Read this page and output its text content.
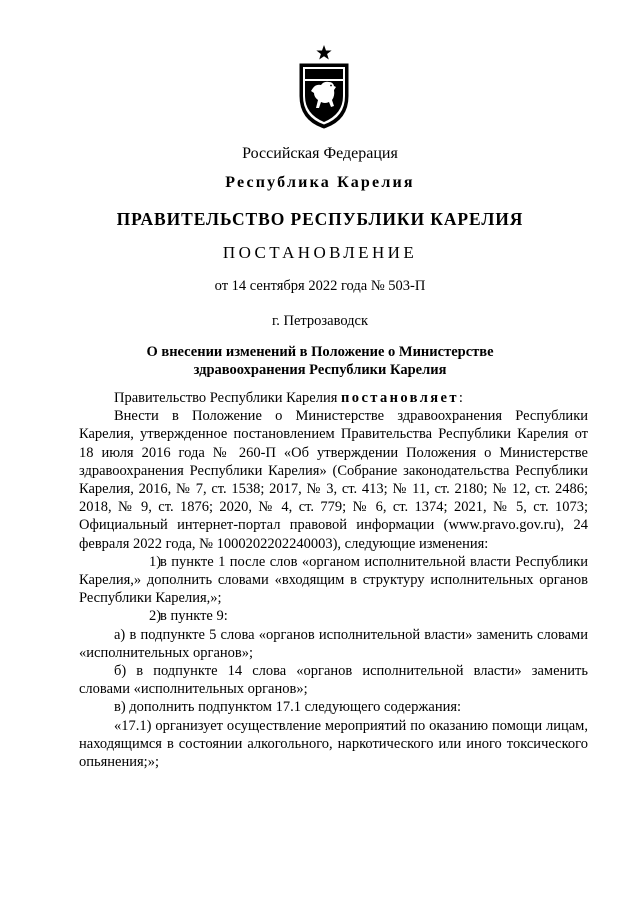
Российская Федерация
Республика Карелия
ПРАВИТЕЛЬСТВО РЕСПУБЛИКИ КАРЕЛИЯ
ПОСТАНОВЛЕНИЕ
от 14 сентября 2022 года № 503-П
г. Петрозаводск
О внесении изменений в Положение о Министерстве
здравоохранения Республики Карелия

Правительство Республики Карелия постановляет:

Внести в Положение о Министерстве здравоохранения Республики Карелия, утвержденное постановлением Правительства Республики Карелия от 18 июля 2016 года № 260-П «Об утверждении Положения о Министерстве здравоохранения Республики Карелия» (Собрание законодательства Республики Карелия, 2016, № 7, ст. 1538; 2017, № 3, ст. 413; № 11, ст. 2180; № 12, ст. 2486; 2018, № 9, ст. 1876; 2020, № 4, ст. 779; № 6, ст. 1374; 2021, № 5, ст. 1073; Официальный интернет-портал правовой информации (www.pravo.gov.ru), 24 февраля 2022 года, № 1000202202240003), следующие изменения:

1)в пункте 1 после слов «органом исполнительной власти Республики Карелия,» дополнить словами «входящим в структуру исполнительных органов Республики Карелия,»;

2)в пункте 9:

а) в подпункте 5 слова «органов исполнительной власти» заменить словами «исполнительных органов»;

б) в подпункте 14 слова «органов исполнительной власти» заменить словами «исполнительных органов»;

в) дополнить подпунктом 17.1 следующего содержания:

«17.1) организует осуществление мероприятий по оказанию помощи лицам, находящимся в состоянии алкогольного, наркотического или иного токсического опьянения;»;
